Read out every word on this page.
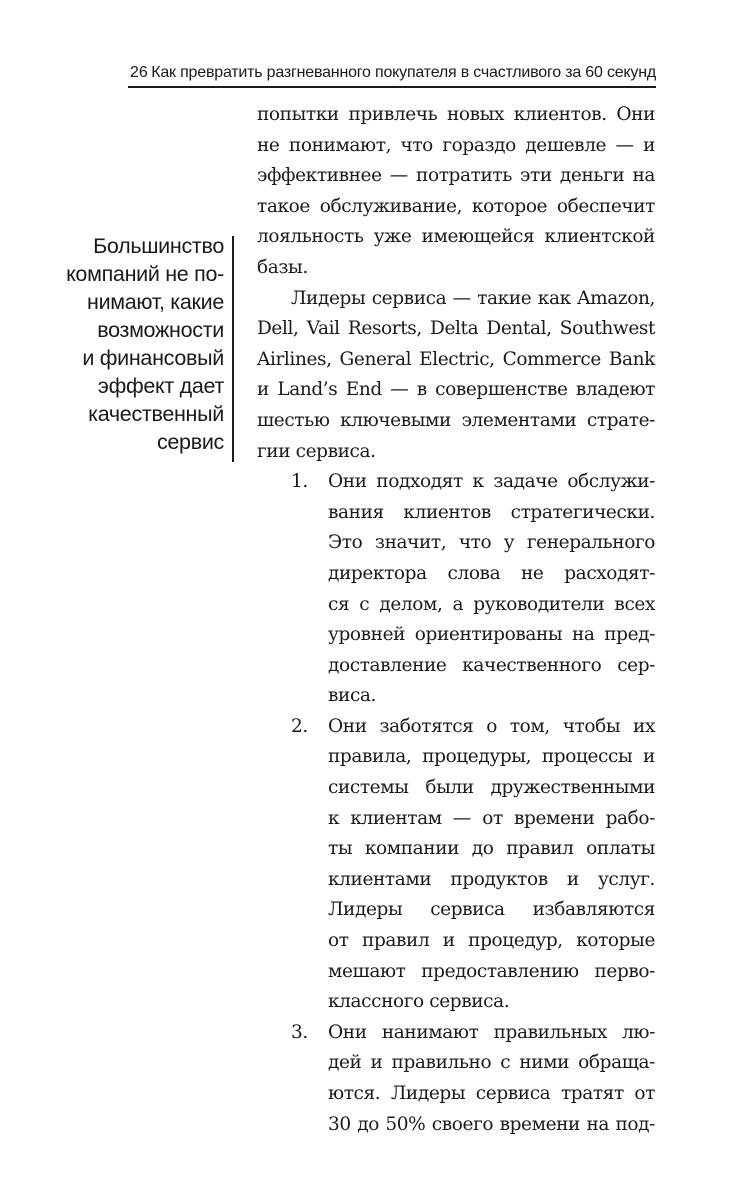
26 Как превратить разгневанного покупателя в счастливого за 60 секунд
Большинство
компаний не по-
нимают, какие
возможности
и финансовый
эффект дает
качественный
сервис

попытки привлечь новых клиентов. Они
не понимают, что гораздо дешевле — и
эффективнее — потратить эти деньги на
такое обслуживание, которое обеспечит
лояльность уже имеющейся клиентской
базы.

Лидеры сервиса — такие как Amazon,
Dell, Vail Resorts, Delta Dental, Southwest
Airlines, General Electric, Commerce Bank
и Land’s End — в совершенстве владеют
шестью ключевыми элементами страте-
гии сервиса.

1. Они подходят к задаче обслужи-
вания клиентов стратегически.
Это значит, что у генерального
директора слова не расходят-
ся с делом, а руководители всех
уровней ориентированы на пред-
доставление качественного сер-
виса.
2. Они заботятся о том, чтобы их
правила, процедуры, процессы и
системы были дружественными
к клиентам — от времени рабо-
ты компании до правил оплаты
клиентами продуктов и услуг.
Лидеры сервиса избавляются
от правил и процедур, которые
мешают предоставлению перво-
классного сервиса.
3. Они нанимают правильных лю-
дей и правильно с ними обраща-
ются. Лидеры сервиса тратят от
30 до 50% своего времени на под-
